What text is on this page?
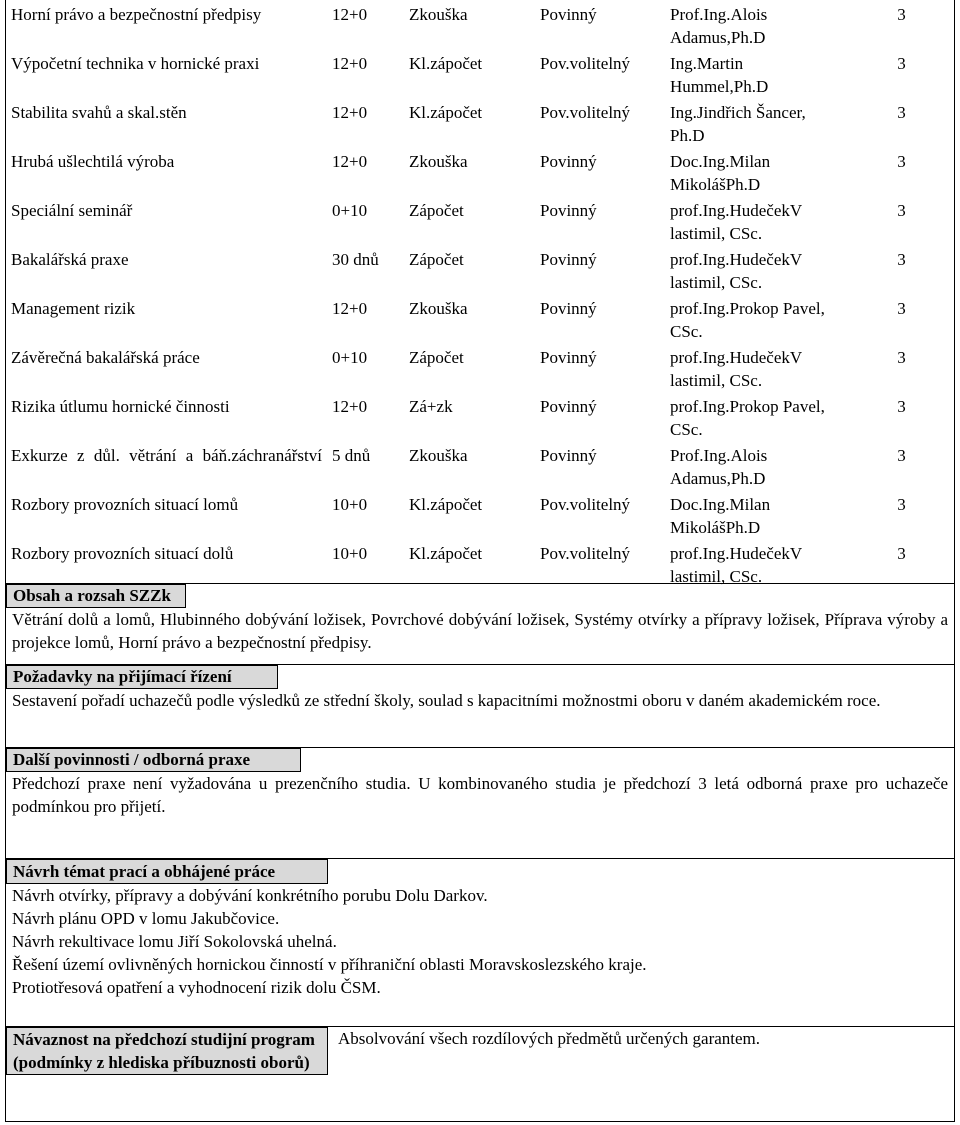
Horní právo a bezpečnostní předpisy	12+0	Zkouška	Povinný	Prof.Ing.Alois Adamus,Ph.D	3
Výpočetní technika v hornické praxi	12+0	Kl.zápočet	Pov.volitelný	Ing.Martin Hummel,Ph.D	3
Stabilita svahů a skal.stěn	12+0	Kl.zápočet	Pov.volitelný	Ing.Jindřich Šancer, Ph.D	3
Hrubá ušlechtilá výroba	12+0	Zkouška	Povinný	Doc.Ing.Milan MikolášPh.D	3
Speciální seminář	0+10	Zápočet	Povinný	prof.Ing.HudečekV lastimil, CSc.	3
Bakalářská praxe	30 dnů	Zápočet	Povinný	prof.Ing.HudečekV lastimil, CSc.	3
Management rizik	12+0	Zkouška	Povinný	prof.Ing.Prokop Pavel, CSc.	3
Závěrečná bakalářská práce	0+10	Zápočet	Povinný	prof.Ing.HudečekV lastimil, CSc.	3
Rizika útlumu hornické činnosti	12+0	Zá+zk	Povinný	prof.Ing.Prokop Pavel, CSc.	3
Exkurze z důl. větrání a báň.záchranářství	5 dnů	Zkouška	Povinný	Prof.Ing.Alois Adamus,Ph.D	3
Rozbory provozních situací lomů	10+0	Kl.zápočet	Pov.volitelný	Doc.Ing.Milan MikolášPh.D	3
Rozbory provozních situací dolů	10+0	Kl.zápočet	Pov.volitelný	prof.Ing.HudečekV lastimil, CSc.	3
Obsah a rozsah SZZk
Větrání dolů a lomů, Hlubinného dobývání ložisek, Povrchové dobývání ložisek, Systémy otvírky a přípravy ložisek, Příprava výroby a projekce lomů, Horní právo a bezpečnostní předpisy.
Požadavky na přijímací řízení
Sestavení pořadí uchazečů podle výsledků ze střední školy, soulad s kapacitními možnostmi oboru v daném akademickém roce.
Další povinnosti / odborná praxe
Předchozí praxe není vyžadována u prezenčního studia. U kombinovaného studia je předchozí 3 letá odborná praxe pro uchazeče podmínkou pro přijetí.
Návrh témat prací a obhájené práce
Návrh otvírky, přípravy a dobývání konkrétního porubu Dolu Darkov.
Návrh plánu OPD v lomu Jakubčovice.
Návrh rekultivace lomu Jiří Sokolovská uhelná.
Řešení území ovlivněných hornickou činností v příhraniční oblasti Moravskoslezského kraje.
Protiotřesová opatření a vyhodnocení rizik dolu ČSM.
Návaznost na předchozí studijní program (podmínky z hlediska příbuznosti oborů)
Absolvování všech rozdílových předmětů určených garantem.
